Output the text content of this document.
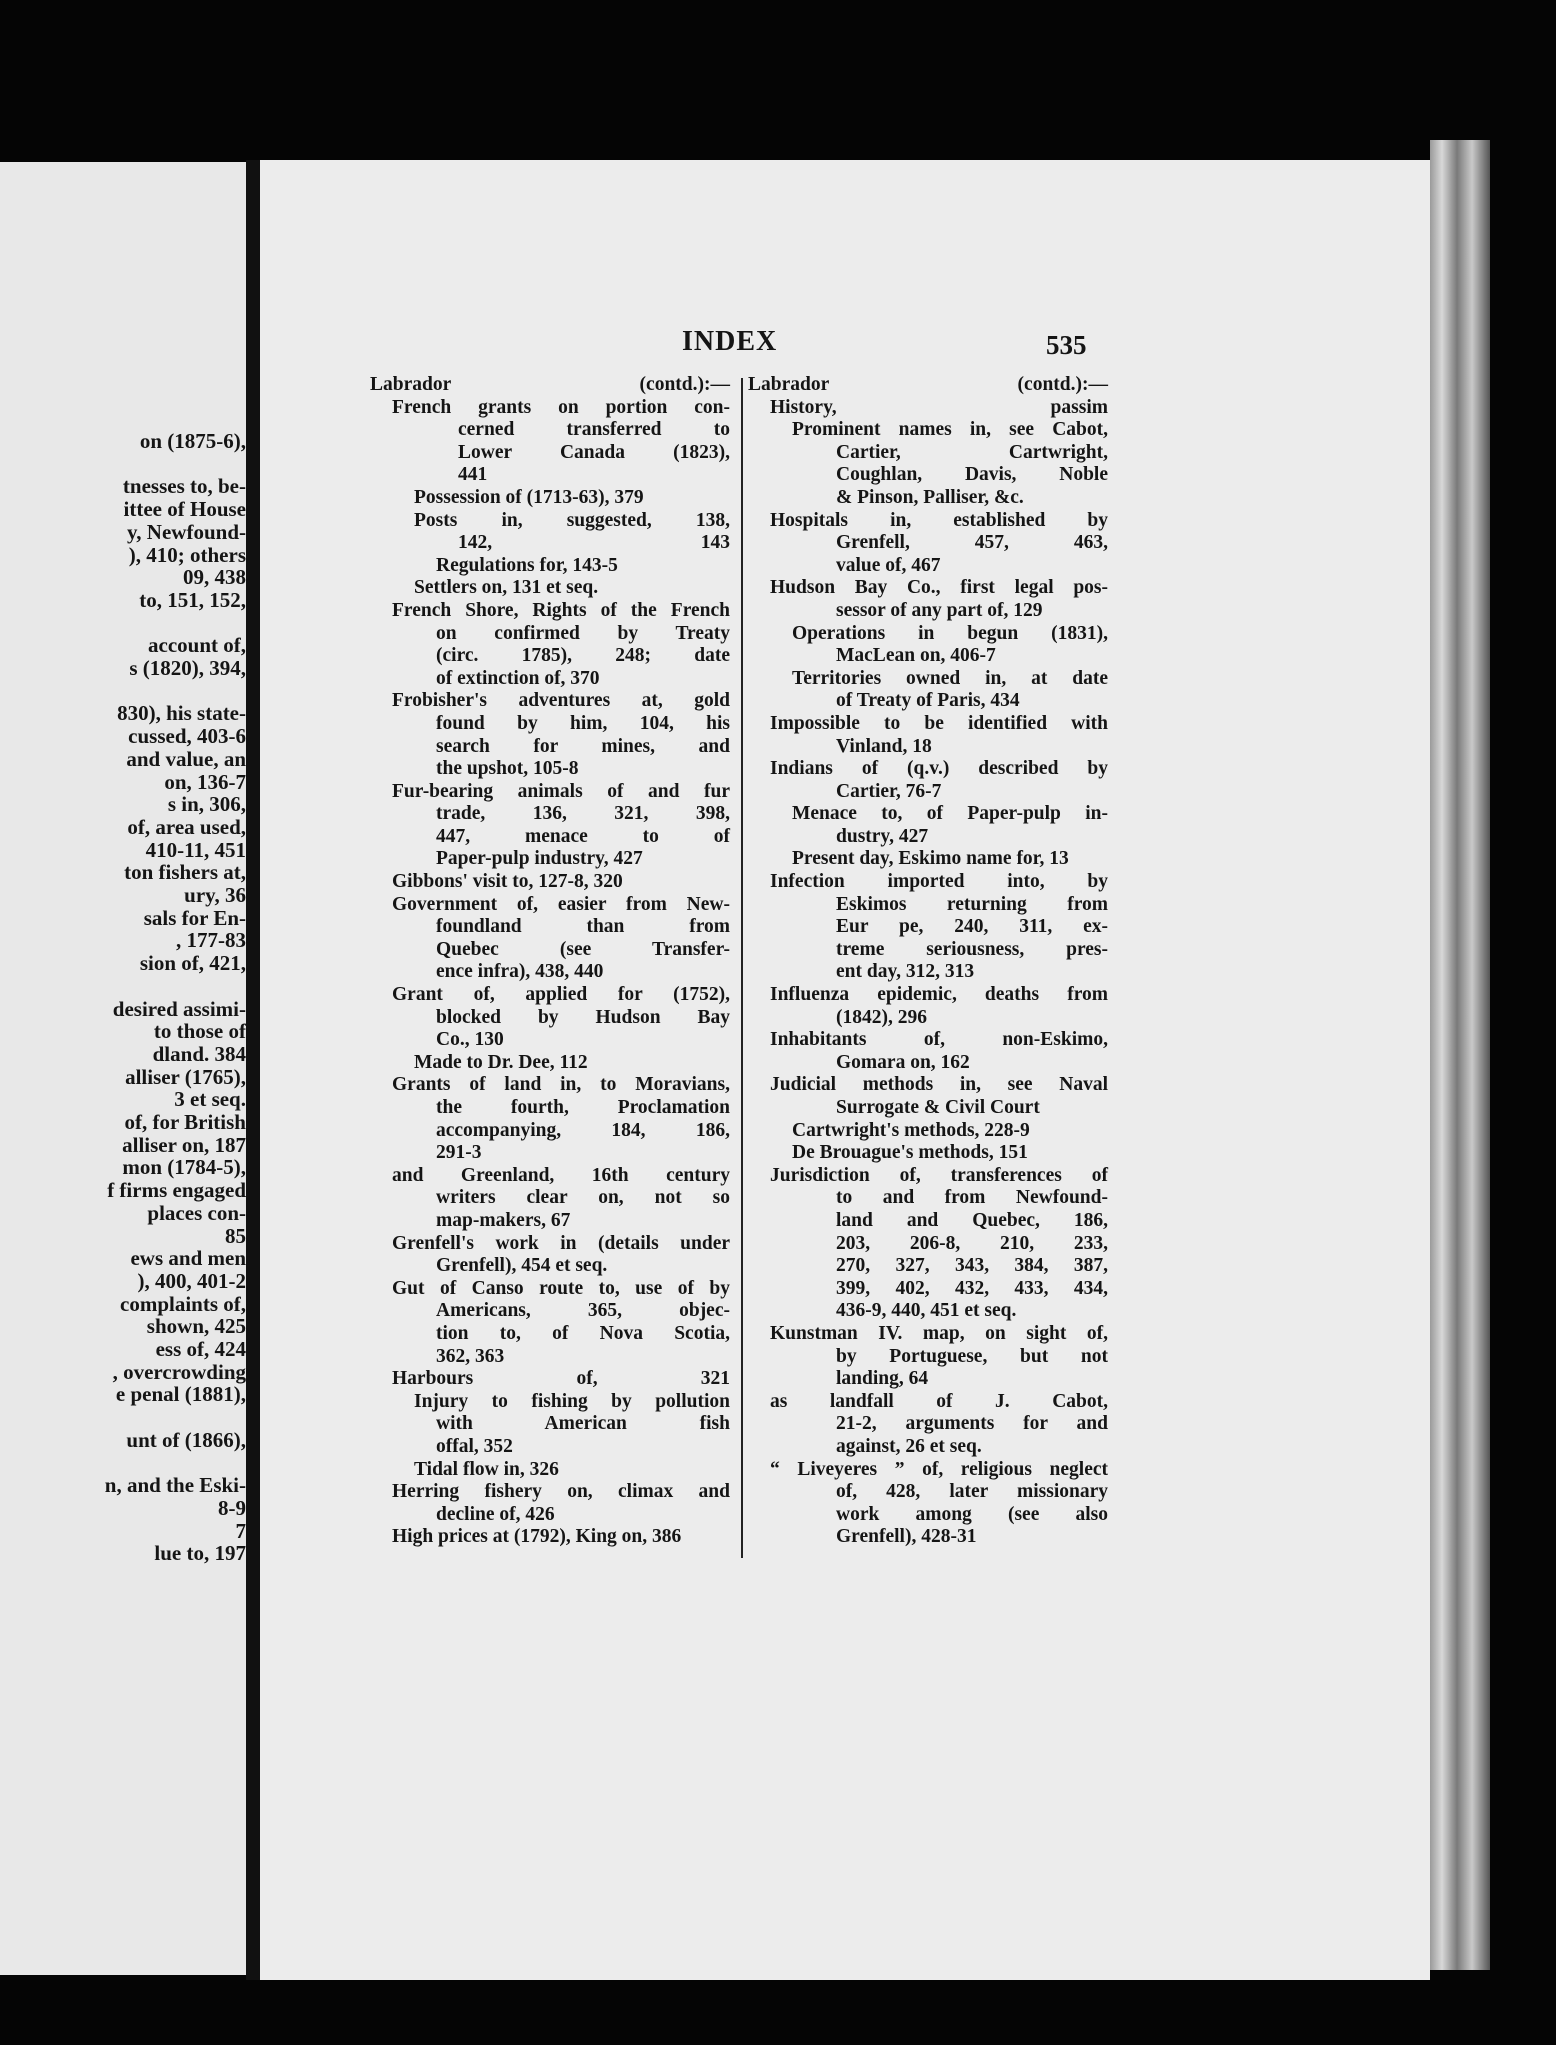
on (1875-6),
tnesses to, be-
ittee of House
y, Newfound-
), 410; others
09, 438
to, 151, 152,
account of,
s (1820), 394,
830), his state-
cussed, 403-6
and value, an
on, 136-7
s in, 306,
of, area used,
410-11, 451
ton fishers at,
ury, 36
sals for En-
, 177-83
sion of, 421,
desired assimi-
to those of
dland. 384
alliser (1765),
3 et seq.
of, for British
alliser on, 187
mon (1784-5),
f firms engaged
places con-
85
ews and men
), 400, 401-2
complaints of,
shown, 425
ess of, 424
, overcrowding
e penal (1881),
unt of (1866),
n, and the Eski-
8-9
7
lue to, 197
INDEX	535
Labrador (contd.):—
French grants on portion con-
cerned transferred to
Lower Canada (1823),
441
Possession of (1713-63), 379
Posts in, suggested, 138,
142, 143
Regulations for, 143-5
Settlers on, 131 et seq.
French Shore, Rights of the French
on confirmed by Treaty
(circ. 1785), 248; date
of extinction of, 370
Frobisher's adventures at, gold
found by him, 104, his
search for mines, and
the upshot, 105-8
Fur-bearing animals of and fur
trade, 136, 321, 398,
447, menace to of
Paper-pulp industry, 427
Gibbons' visit to, 127-8, 320
Government of, easier from New-
foundland than from
Quebec (see Transfer-
ence infra), 438, 440
Grant of, applied for (1752),
blocked by Hudson Bay
Co., 130
Made to Dr. Dee, 112
Grants of land in, to Moravians,
the fourth, Proclamation
accompanying, 184, 186,
291-3
and Greenland, 16th century
writers clear on, not so
map-makers, 67
Grenfell's work in (details under
Grenfell), 454 et seq.
Gut of Canso route to, use of by
Americans, 365, objec-
tion to, of Nova Scotia,
362, 363
Harbours of, 321
Injury to fishing by pollution
with American fish
offal, 352
Tidal flow in, 326
Herring fishery on, climax and
decline of, 426
High prices at (1792), King on, 386
Labrador (contd.):—
History, passim
Prominent names in, see Cabot,
Cartier, Cartwright,
Coughlan, Davis, Noble
& Pinson, Palliser, &c.
Hospitals in, established by
Grenfell, 457, 463,
value of, 467
Hudson Bay Co., first legal pos-
sessor of any part of, 129
Operations in begun (1831),
MacLean on, 406-7
Territories owned in, at date
of Treaty of Paris, 434
Impossible to be identified with
Vinland, 18
Indians of (q.v.) described by
Cartier, 76-7
Menace to, of Paper-pulp in-
dustry, 427
Present day, Eskimo name for, 13
Infection imported into, by
Eskimos returning from
Eur pe, 240, 311, ex-
treme seriousness, pres-
ent day, 312, 313
Influenza epidemic, deaths from
(1842), 296
Inhabitants of, non-Eskimo,
Gomara on, 162
Judicial methods in, see Naval
Surrogate & Civil Court
Cartwright's methods, 228-9
De Brouague's methods, 151
Jurisdiction of, transferences of
to and from Newfound-
land and Quebec, 186,
203, 206-8, 210, 233,
270, 327, 343, 384, 387,
399, 402, 432, 433, 434,
436-9, 440, 451 et seq.
Kunstman IV. map, on sight of,
by Portuguese, but not
landing, 64
as landfall of J. Cabot,
21-2, arguments for and
against, 26 et seq.
“ Liveyeres ” of, religious neglect
of, 428, later missionary
work among (see also
Grenfell), 428-31
